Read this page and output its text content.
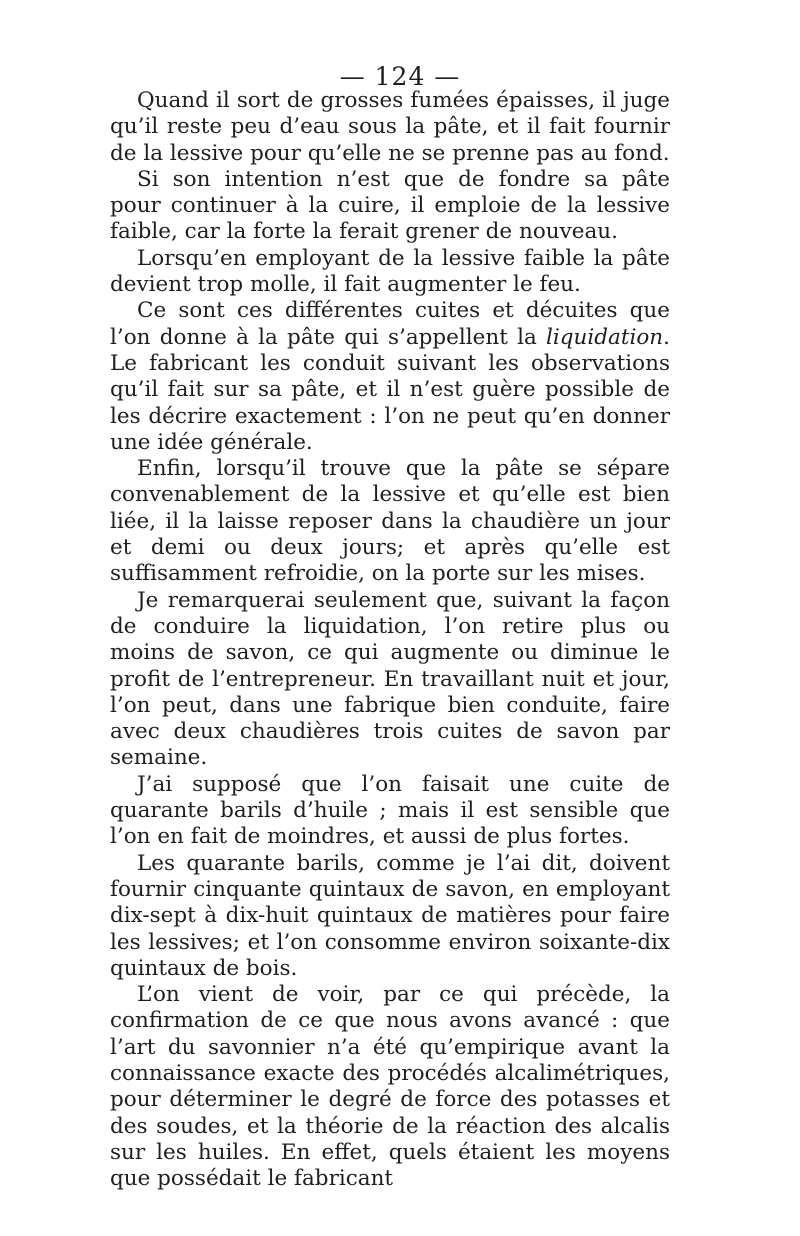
— 124 —

Quand il sort de grosses fumées épaisses, il juge qu’il reste peu d’eau sous la pâte, et il fait fournir de la lessive pour qu’elle ne se prenne pas au fond.

Si son intention n’est que de fondre sa pâte pour continuer à la cuire, il emploie de la lessive faible, car la forte la ferait grener de nouveau.

Lorsqu’en employant de la lessive faible la pâte devient trop molle, il fait augmenter le feu.

Ce sont ces différentes cuites et décuites que l’on donne à la pâte qui s’appellent la liquidation. Le fabricant les conduit suivant les observations qu’il fait sur sa pâte, et il n’est guère possible de les décrire exactement : l’on ne peut qu’en donner une idée générale.

Enfin, lorsqu’il trouve que la pâte se sépare convenablement de la lessive et qu’elle est bien liée, il la laisse reposer dans la chaudière un jour et demi ou deux jours; et après qu’elle est suffisamment refroidie, on la porte sur les mises.

Je remarquerai seulement que, suivant la façon de conduire la liquidation, l’on retire plus ou moins de savon, ce qui augmente ou diminue le profit de l’entrepreneur. En travaillant nuit et jour, l’on peut, dans une fabrique bien conduite, faire avec deux chaudières trois cuites de savon par semaine.

J’ai supposé que l’on faisait une cuite de quarante barils d’huile ; mais il est sensible que l’on en fait de moindres, et aussi de plus fortes.

Les quarante barils, comme je l’ai dit, doivent fournir cinquante quintaux de savon, en employant dix-sept à dix-huit quintaux de matières pour faire les lessives; et l’on consomme environ soixante-dix quintaux de bois.

L’on vient de voir, par ce qui précède, la confirmation de ce que nous avons avancé : que l’art du savonnier n’a été qu’empirique avant la connaissance exacte des procédés alcalimétriques, pour déterminer le degré de force des potasses et des soudes, et la théorie de la réaction des alcalis sur les huiles. En effet, quels étaient les moyens que possédait le fabricant
